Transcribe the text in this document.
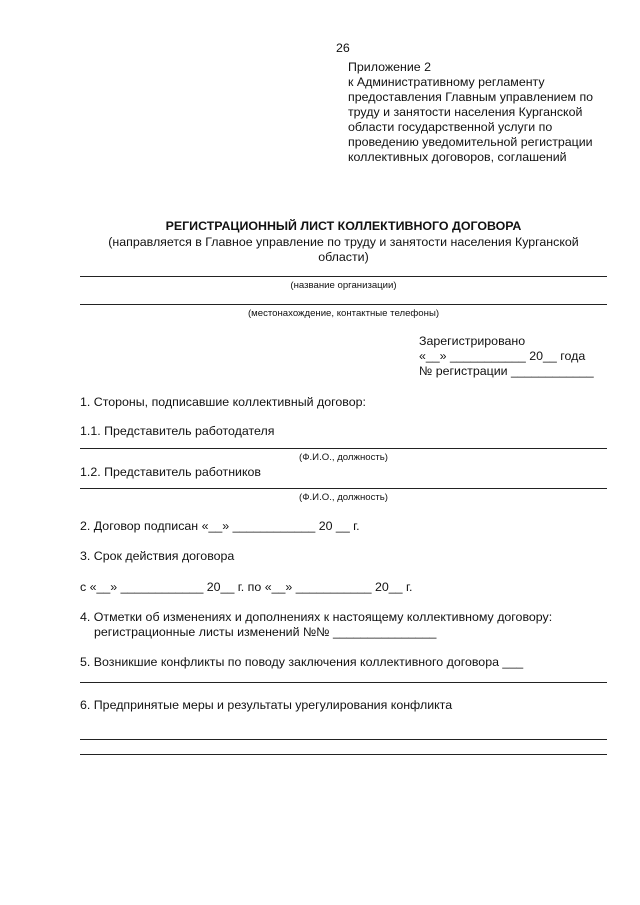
26
Приложение 2
к Административному регламенту
предоставления Главным управлением по
труду и занятости населения Курганской
области государственной услуги по
проведению уведомительной регистрации
коллективных договоров, соглашений
РЕГИСТРАЦИОННЫЙ ЛИСТ КОЛЛЕКТИВНОГО ДОГОВОРА
(направляется в Главное управление по труду и занятости населения Курганской
области)
(название организации)
(местонахождение, контактные телефоны)
Зарегистрировано
«__» ___________ 20__ года
№ регистрации ____________
1. Стороны, подписавшие коллективный договор:
1.1. Представитель работодателя
(Ф.И.О., должность)
1.2. Представитель работников
(Ф.И.О., должность)
2. Договор подписан «__» ____________ 20 __ г.
3. Срок действия договора
с «__» ____________ 20__ г. по «__» ___________ 20__ г.
4. Отметки об изменениях и дополнениях к настоящему коллективному договору:
регистрационные листы изменений №№ _______________
5. Возникшие конфликты по поводу заключения коллективного договора ___
6. Предпринятые меры и результаты урегулирования конфликта
